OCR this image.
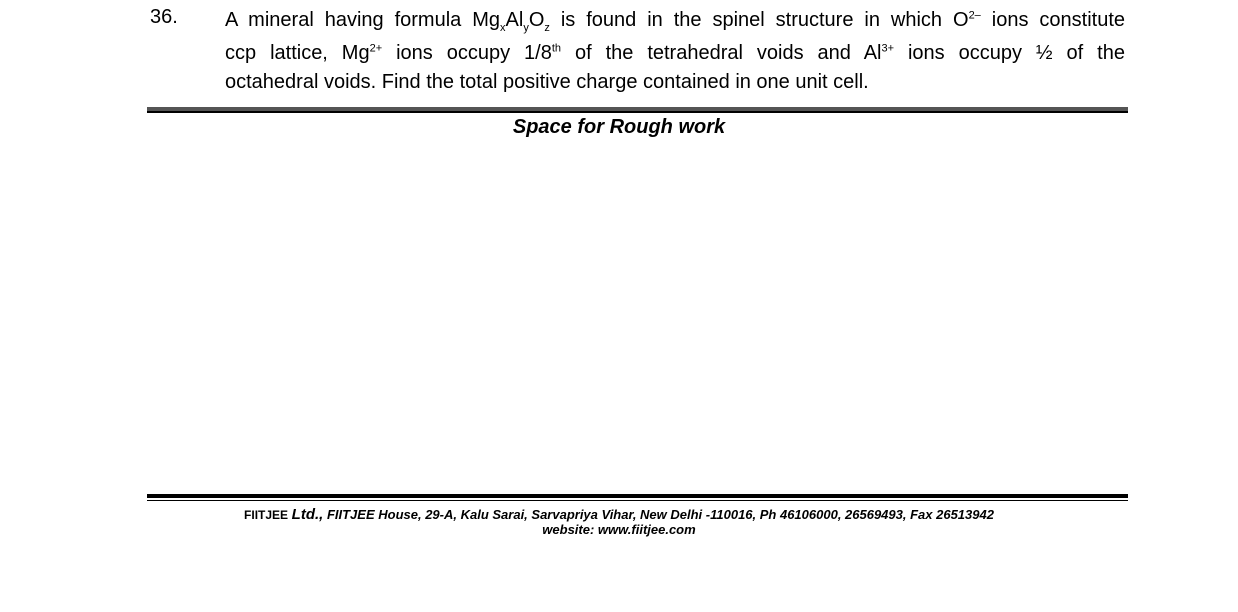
36. A mineral having formula $Mg_xAl_yO_z$ is found in the spinel structure in which $O^{2-}$ ions constitute
ccp lattice, $Mg^{2+}$ ions occupy 1/8th of the tetrahedral voids and $Al^{3+}$ ions occupy ½ of the
octahedral voids. Find the total positive charge contained in one unit cell.
Space for Rough work
FIITJEE Ltd., FIITJEE House, 29-A, Kalu Sarai, Sarvapriya Vihar, New Delhi -110016, Ph 46106000, 26569493, Fax 26513942
website: www.fiitjee.com
